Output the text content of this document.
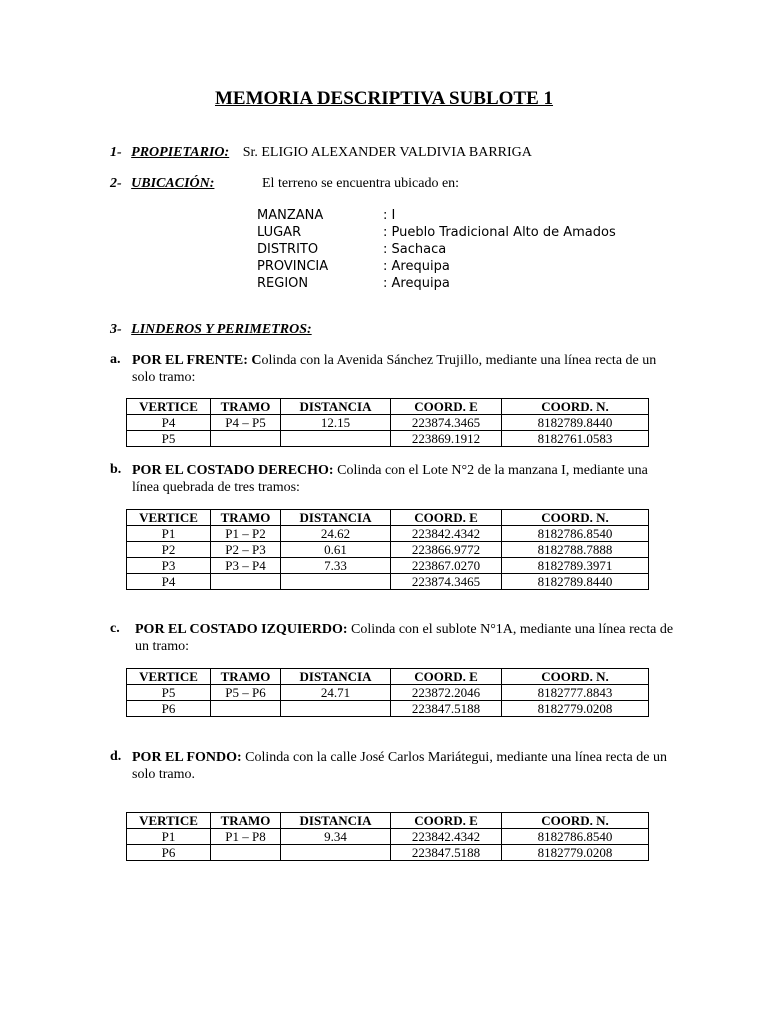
MEMORIA DESCRIPTIVA SUBLOTE 1
1- PROPIETARIO: Sr. ELIGIO ALEXANDER VALDIVIA BARRIGA
2- UBICACIÓN:	El terreno se encuentra ubicado en:
MANZANA	: I
LUGAR	: Pueblo Tradicional Alto de Amados
DISTRITO	: Sachaca
PROVINCIA	: Arequipa
REGION	: Arequipa
3- LINDEROS Y PERIMETROS:
a. POR EL FRENTE: Colinda con la Avenida Sánchez Trujillo, mediante una línea recta de un solo tramo:
VERTICE	TRAMO	DISTANCIA	COORD. E	COORD. N.
P4	P4 – P5	12.15	223874.3465	8182789.8440
P5			223869.1912	8182761.0583
b. POR EL COSTADO DERECHO: Colinda con el Lote N°2 de la manzana I, mediante una línea quebrada de tres tramos:
VERTICE	TRAMO	DISTANCIA	COORD. E	COORD. N.
P1	P1 – P2	24.62	223842.4342	8182786.8540
P2	P2 – P3	0.61	223866.9772	8182788.7888
P3	P3 – P4	7.33	223867.0270	8182789.3971
P4			223874.3465	8182789.8440
c. POR EL COSTADO IZQUIERDO: Colinda con el sublote N°1A, mediante una línea recta de un tramo:
VERTICE	TRAMO	DISTANCIA	COORD. E	COORD. N.
P5	P5 – P6	24.71	223872.2046	8182777.8843
P6			223847.5188	8182779.0208
d. POR EL FONDO: Colinda con la calle José Carlos Mariátegui, mediante una línea recta de un solo tramo.
VERTICE	TRAMO	DISTANCIA	COORD. E	COORD. N.
P1	P1 – P8	9.34	223842.4342	8182786.8540
P6			223847.5188	8182779.0208
